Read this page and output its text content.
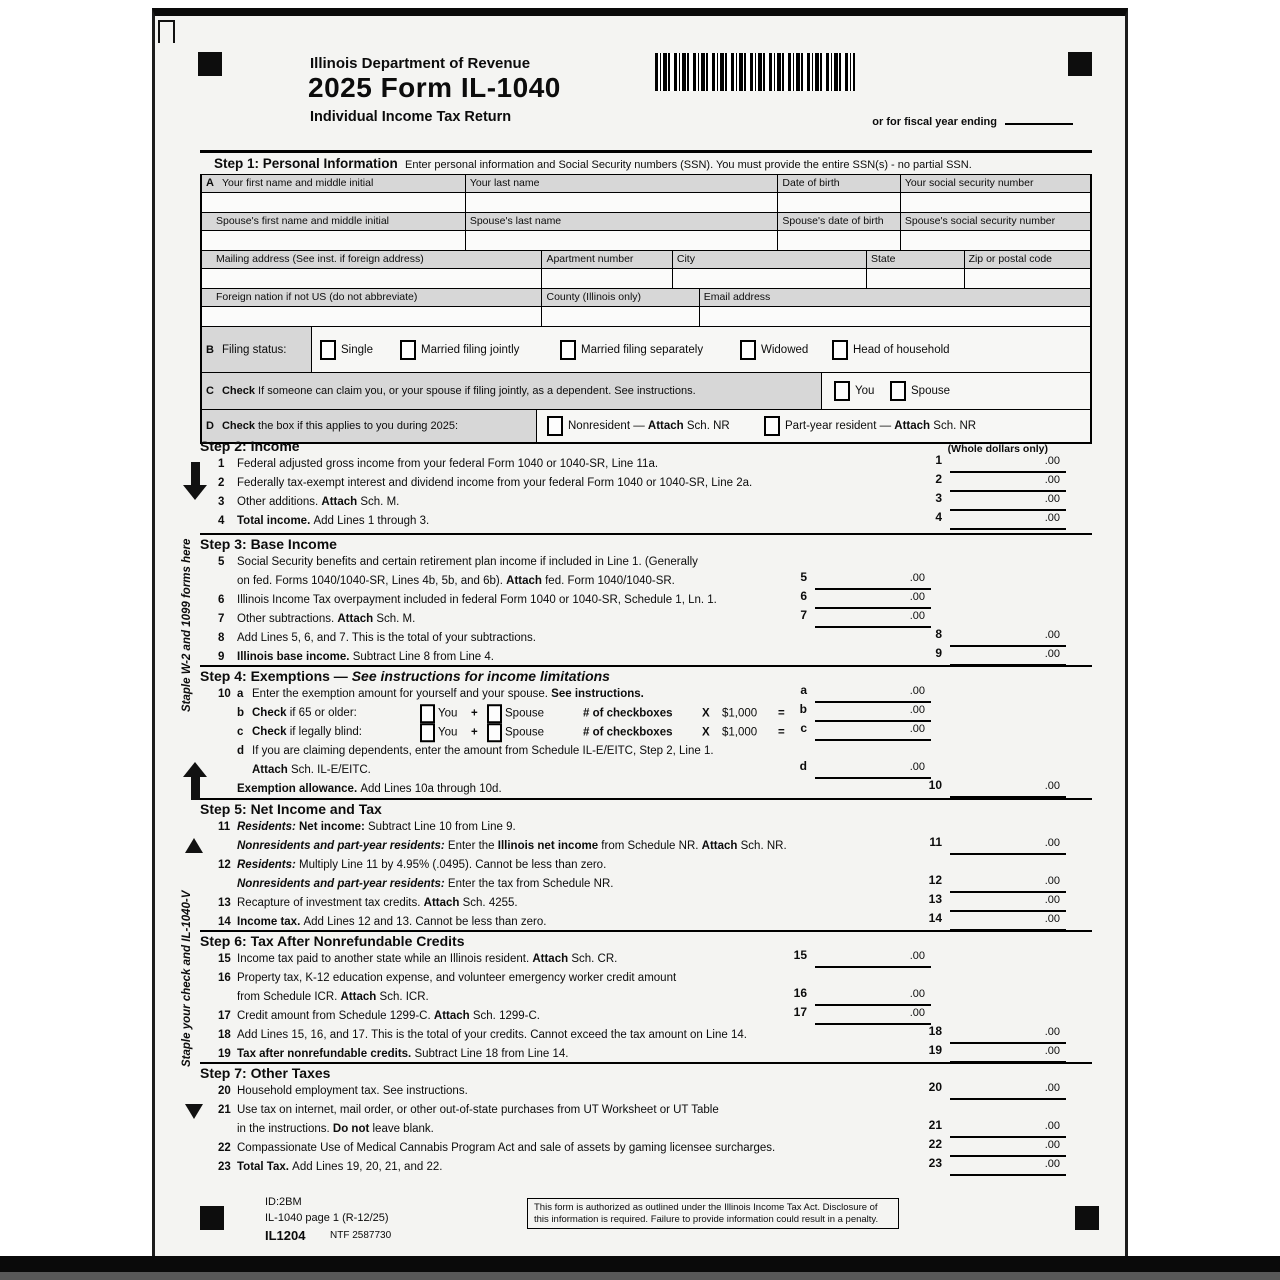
Staple W-2 and 1099 forms here
Staple your check and IL-1040-V
Illinois Department of Revenue
2025 Form IL-1040
Individual Income Tax Return	or for fiscal year ending
Step 1: Personal Information Enter personal information and Social Security numbers (SSN). You must provide the entire SSN(s) - no partial SSN.
A Your first name and middle initial	Your last name	Date of birth	Your social security number
Spouse's first name and middle initial	Spouse's last name	Spouse's date of birth	Spouse's social security number
Mailing address (See inst. if foreign address)	Apartment number	City	State	Zip or postal code
Foreign nation if not US (do not abbreviate)	County (Illinois only)	Email address
B Filing status:	Single	Married filing jointly	Married filing separately	Widowed	Head of household
C Check If someone can claim you, or your spouse if filing jointly, as a dependent. See instructions.	You	Spouse
D Check the box if this applies to you during 2025:	Nonresident — Attach Sch. NR	Part-year resident — Attach Sch. NR
Step 2: Income	(Whole dollars only)
1 Federal adjusted gross income from your federal Form 1040 or 1040-SR, Line 11a.	1	.00
2 Federally tax-exempt interest and dividend income from your federal Form 1040 or 1040-SR, Line 2a.	2	.00
3 Other additions. Attach Sch. M.	3	.00
4 Total income. Add Lines 1 through 3.	4	.00
Step 3: Base Income
5 Social Security benefits and certain retirement plan income if included in Line 1. (Generally
on fed. Forms 1040/1040-SR, Lines 4b, 5b, and 6b). Attach fed. Form 1040/1040-SR.	5	.00
6 Illinois Income Tax overpayment included in federal Form 1040 or 1040-SR, Schedule 1, Ln. 1.	6	.00
7 Other subtractions. Attach Sch. M.	7	.00
8 Add Lines 5, 6, and 7. This is the total of your subtractions.	8	.00
9 Illinois base income. Subtract Line 8 from Line 4.	9	.00
Step 4: Exemptions — See instructions for income limitations
10 a Enter the exemption amount for yourself and your spouse. See instructions.	a	.00
b Check if 65 or older:	You + Spouse	# of checkboxes	X $1,000 = b	.00
c Check if legally blind:	You + Spouse	# of checkboxes	X $1,000 = c	.00
d If you are claiming dependents, enter the amount from Schedule IL-E/EITC, Step 2, Line 1.
Attach Sch. IL-E/EITC.	d	.00
Exemption allowance. Add Lines 10a through 10d.	10	.00
Step 5: Net Income and Tax
11 Residents: Net income: Subtract Line 10 from Line 9.
Nonresidents and part-year residents: Enter the Illinois net income from Schedule NR. Attach Sch. NR.	11	.00
12 Residents: Multiply Line 11 by 4.95% (.0495). Cannot be less than zero.
Nonresidents and part-year residents: Enter the tax from Schedule NR.	12	.00
13 Recapture of investment tax credits. Attach Sch. 4255.	13	.00
14 Income tax. Add Lines 12 and 13. Cannot be less than zero.	14	.00
Step 6: Tax After Nonrefundable Credits
15 Income tax paid to another state while an Illinois resident. Attach Sch. CR.	15	.00
16 Property tax, K-12 education expense, and volunteer emergency worker credit amount
from Schedule ICR. Attach Sch. ICR.	16	.00
17 Credit amount from Schedule 1299-C. Attach Sch. 1299-C.	17	.00
18 Add Lines 15, 16, and 17. This is the total of your credits. Cannot exceed the tax amount on Line 14.	18	.00
19 Tax after nonrefundable credits. Subtract Line 18 from Line 14.	19	.00
Step 7: Other Taxes
20 Household employment tax. See instructions.	20	.00
21 Use tax on internet, mail order, or other out-of-state purchases from UT Worksheet or UT Table
in the instructions. Do not leave blank.	21	.00
22 Compassionate Use of Medical Cannabis Program Act and sale of assets by gaming licensee surcharges.	22	.00
23 Total Tax. Add Lines 19, 20, 21, and 22.	23	.00
ID:2BM
IL-1040 page 1 (R-12/25)
IL1204 NTF 2587730
This form is authorized as outlined under the Illinois Income Tax Act. Disclosure of this information is required. Failure to provide information could result in a penalty.
